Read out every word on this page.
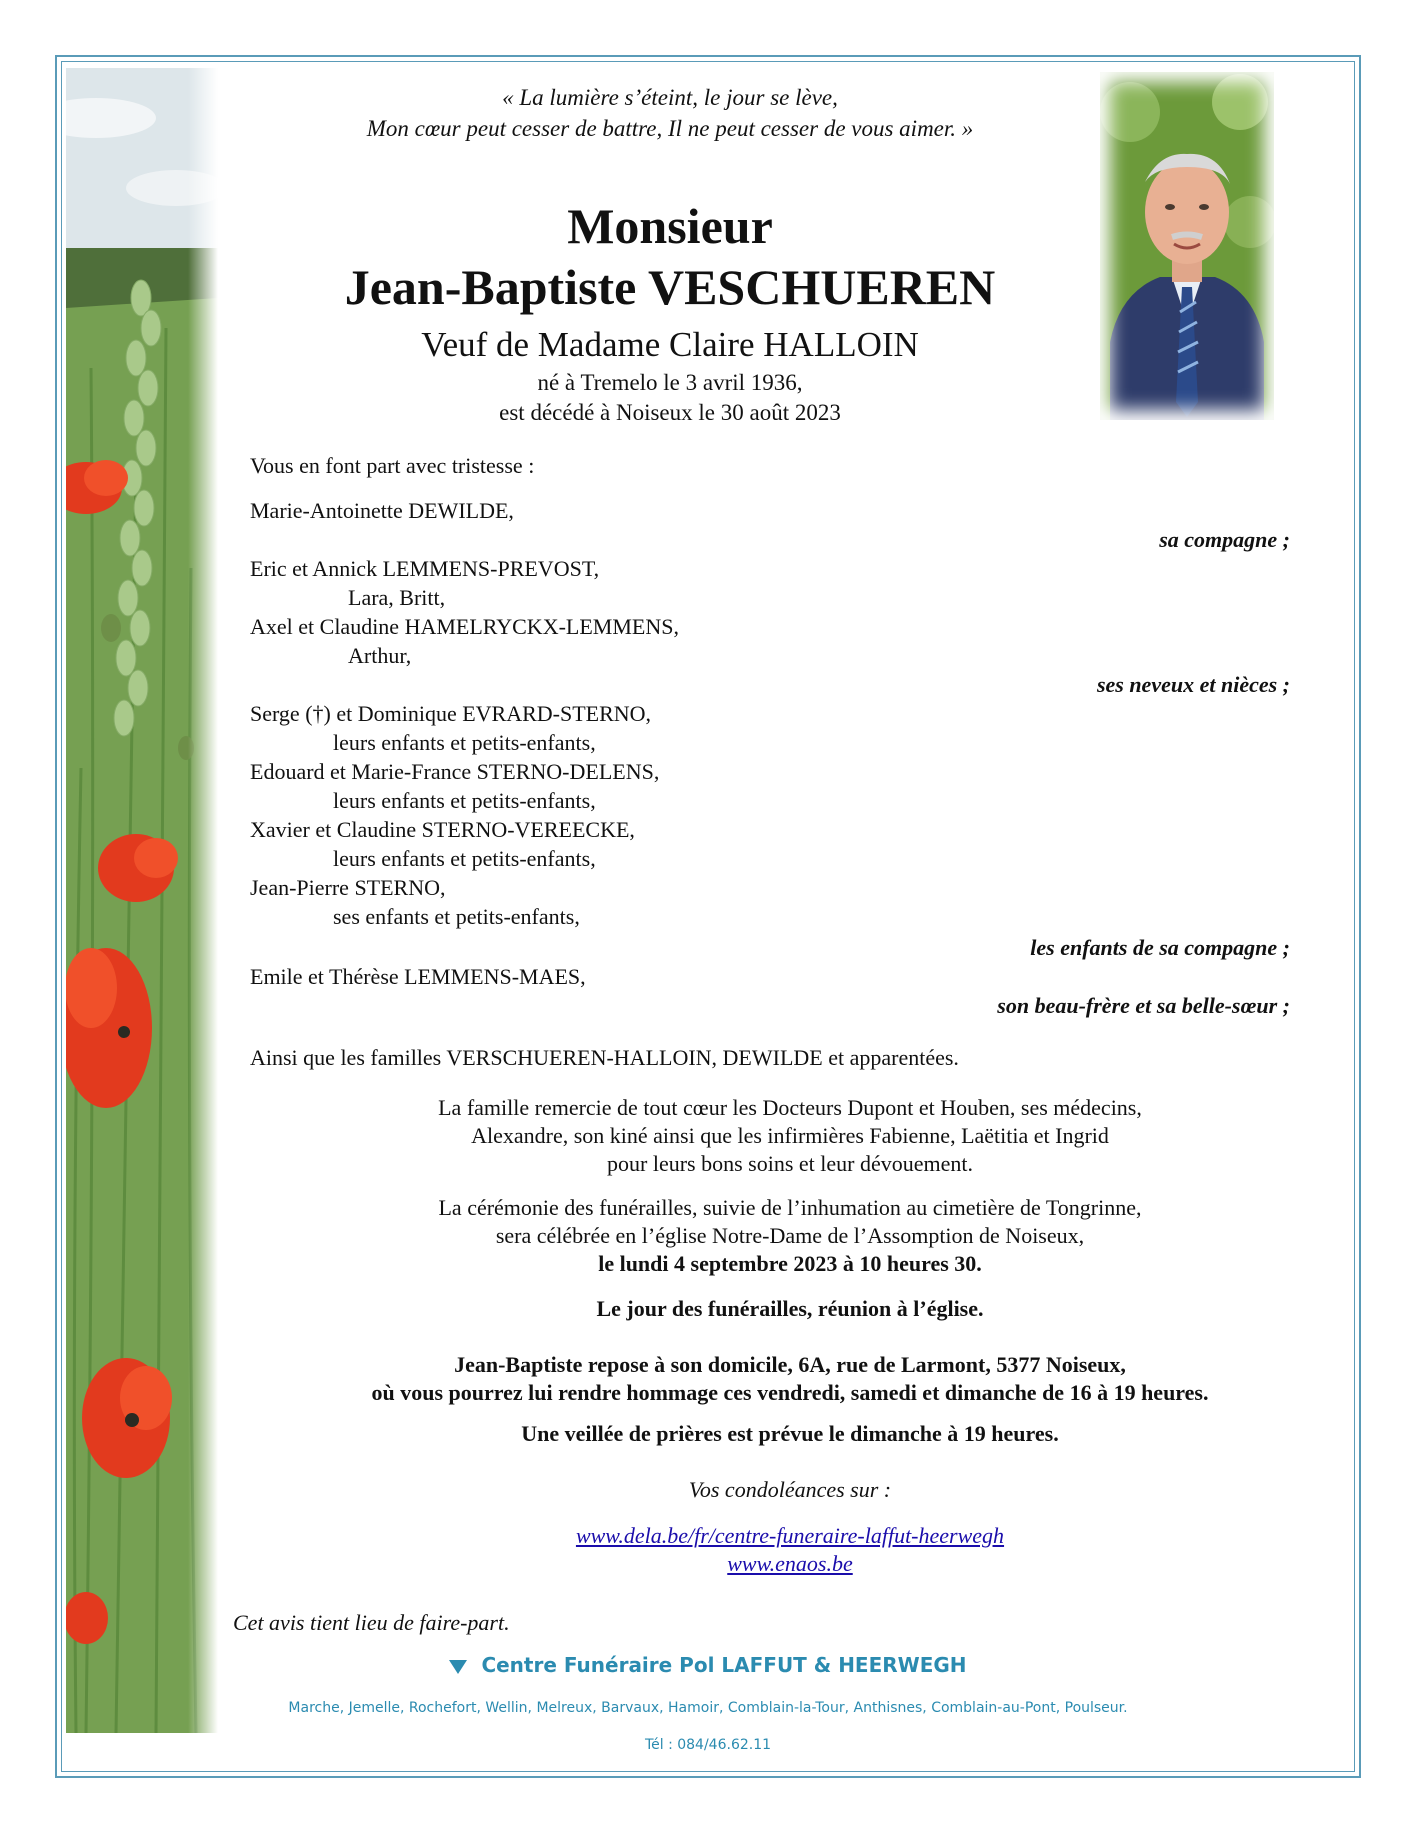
« La lumière s’éteint, le jour se lève,
Mon cœur peut cesser de battre, Il ne peut cesser de vous aimer. »
Monsieur
Jean-Baptiste VESCHUEREN
Veuf de Madame Claire HALLOIN
né à Tremelo le 3 avril 1936,
est décédé à Noiseux le 30 août 2023
Vous en font part avec tristesse :
Marie-Antoinette DEWILDE,
sa compagne ;
Eric et Annick LEMMENS-PREVOST,
Lara, Britt,
Axel et Claudine HAMELRYCKX-LEMMENS,
Arthur,
ses neveux et nièces ;
Serge (†) et Dominique EVRARD-STERNO,
leurs enfants et petits-enfants,
Edouard et Marie-France STERNO-DELENS,
leurs enfants et petits-enfants,
Xavier et Claudine STERNO-VEREECKE,
leurs enfants et petits-enfants,
Jean-Pierre STERNO,
ses enfants et petits-enfants,
les enfants de sa compagne ;
Emile et Thérèse LEMMENS-MAES,
son beau-frère et sa belle-sœur ;
Ainsi que les familles VERSCHUEREN-HALLOIN, DEWILDE et apparentées.
La famille remercie de tout cœur les Docteurs Dupont et Houben, ses médecins,
Alexandre, son kiné ainsi que les infirmières Fabienne, Laëtitia et Ingrid
pour leurs bons soins et leur dévouement.
La cérémonie des funérailles, suivie de l’inhumation au cimetière de Tongrinne,
sera célébrée en l’église Notre-Dame de l’Assomption de Noiseux,
le lundi 4 septembre 2023 à 10 heures 30.
Le jour des funérailles, réunion à l’église.
Jean-Baptiste repose à son domicile, 6A, rue de Larmont, 5377 Noiseux,
où vous pourrez lui rendre hommage ces vendredi, samedi et dimanche de 16 à 19 heures.
Une veillée de prières est prévue le dimanche à 19 heures.
Vos condoléances sur :
www.dela.be/fr/centre-funeraire-laffut-heerwegh
www.enaos.be
Cet avis tient lieu de faire-part.
Centre Funéraire Pol LAFFUT & HEERWEGH
Marche, Jemelle, Rochefort, Wellin, Melreux, Barvaux, Hamoir, Comblain-la-Tour, Anthisnes, Comblain-au-Pont, Poulseur.
Tél : 084/46.62.11
